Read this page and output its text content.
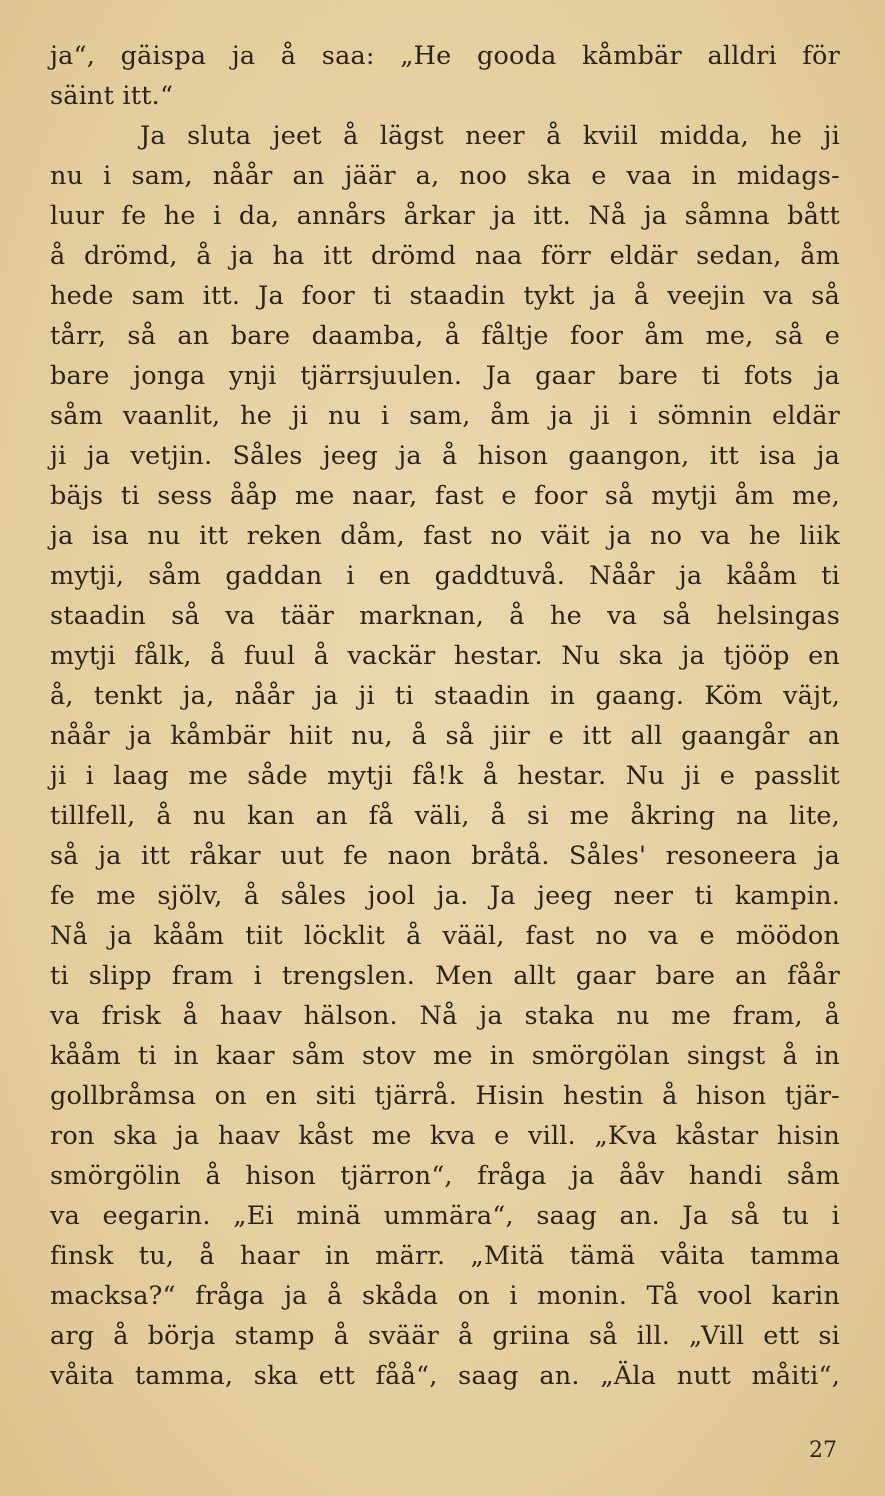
ja“, gäispa ja å saa: „He gooda kåmbär alldri för
säint itt.“
Ja sluta jeet å lägst neer å kviil midda, he ji
nu i sam, nåår an jäär a, noo ska e vaa in midags-
luur fe he i da, annårs årkar ja itt. Nå ja såmna bått
å drömd, å ja ha itt drömd naa förr eldär sedan, åm
hede sam itt. Ja foor ti staadin tykt ja å veejin va så
tårr, så an bare daamba, å fåltje foor åm me, så e
bare jonga ynji tjärrsjuulen. Ja gaar bare ti fots ja
såm vaanlit, he ji nu i sam, åm ja ji i sömnin eldär
ji ja vetjin. Såles jeeg ja å hison gaangon, itt isa ja
bäjs ti sess ååp me naar, fast e foor så mytji åm me,
ja isa nu itt reken dåm, fast no väit ja no va he liik
mytji, såm gaddan i en gaddtuvå. Nåår ja kååm ti
staadin så va täär marknan, å he va så helsingas
mytji fålk, å fuul å vackär hestar. Nu ska ja tjööp en
å, tenkt ja, nåår ja ji ti staadin in gaang. Köm väjt,
nåår ja kåmbär hiit nu, å så jiir e itt all gaangår an
ji i laag me såde mytji få!k å hestar. Nu ji e passlit
tillfell, å nu kan an få väli, å si me åkring na lite,
så ja itt råkar uut fe naon bråtå. Såles' resoneera ja
fe me sjölv, å såles jool ja. Ja jeeg neer ti kampin.
Nå ja kååm tiit löcklit å vääl, fast no va e möödon
ti slipp fram i trengslen. Men allt gaar bare an fåår
va frisk å haav hälson. Nå ja staka nu me fram, å
kååm ti in kaar såm stov me in smörgölan singst å in
gollbråmsa on en siti tjärrå. Hisin hestin å hison tjär-
ron ska ja haav kåst me kva e vill. „Kva kåstar hisin
smörgölin å hison tjärron“, fråga ja ååv handi såm
va eegarin. „Ei minä ummära“, saag an. Ja så tu i
finsk tu, å haar in märr. „Mitä tämä våita tamma
macksa?“ fråga ja å skåda on i monin. Tå vool karin
arg å börja stamp å sväär å griina så ill. „Vill ett si
våita tamma, ska ett fåå“, saag an. „Äla nutt måiti“,
27
